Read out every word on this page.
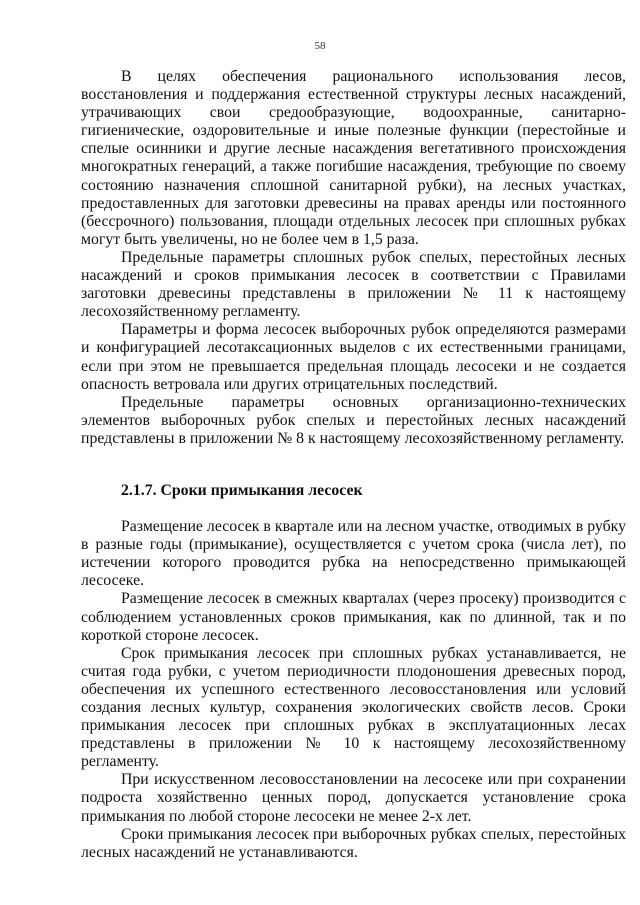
58

В целях обеспечения рационального использования лесов, восстановления и поддержания естественной структуры лесных насаждений, утрачивающих свои средообразующие, водоохранные, санитарно-гигиенические, оздоровительные и иные полезные функции (перестойные и спелые осинники и другие лесные насаждения вегетативного происхождения многократных генераций, а также погибшие насаждения, требующие по своему состоянию назначения сплошной санитарной рубки), на лесных участках, предоставленных для заготовки древесины на правах аренды или постоянного (бессрочного) пользования, площади отдельных лесосек при сплошных рубках могут быть увеличены, но не более чем в 1,5 раза.

Предельные параметры сплошных рубок спелых, перестойных лесных насаждений и сроков примыкания лесосек в соответствии с Правилами заготовки древесины представлены в приложении № 11 к настоящему лесохозяйственному регламенту.

Параметры и форма лесосек выборочных рубок определяются размерами и конфигурацией лесотаксационных выделов с их естественными границами, если при этом не превышается предельная площадь лесосеки и не создается опасность ветровала или других отрицательных последствий.

Предельные параметры основных организационно-технических элементов выборочных рубок спелых и перестойных лесных насаждений представлены в приложении № 8 к настоящему лесохозяйственному регламенту.

2.1.7. Сроки примыкания лесосек

Размещение лесосек в квартале или на лесном участке, отводимых в рубку в разные годы (примыкание), осуществляется с учетом срока (числа лет), по истечении которого проводится рубка на непосредственно примыкающей лесосеке.

Размещение лесосек в смежных кварталах (через просеку) производится с соблюдением установленных сроков примыкания, как по длинной, так и по короткой стороне лесосек.

Срок примыкания лесосек при сплошных рубках устанавливается, не считая года рубки, с учетом периодичности плодоношения древесных пород, обеспечения их успешного естественного лесовосстановления или условий создания лесных культур, сохранения экологических свойств лесов. Сроки примыкания лесосек при сплошных рубках в эксплуатационных лесах представлены в приложении № 10 к настоящему лесохозяйственному регламенту.

При искусственном лесовосстановлении на лесосеке или при сохранении подроста хозяйственно ценных пород, допускается установление срока примыкания по любой стороне лесосеки не менее 2-х лет.

Сроки примыкания лесосек при выборочных рубках спелых, перестойных лесных насаждений не устанавливаются.
